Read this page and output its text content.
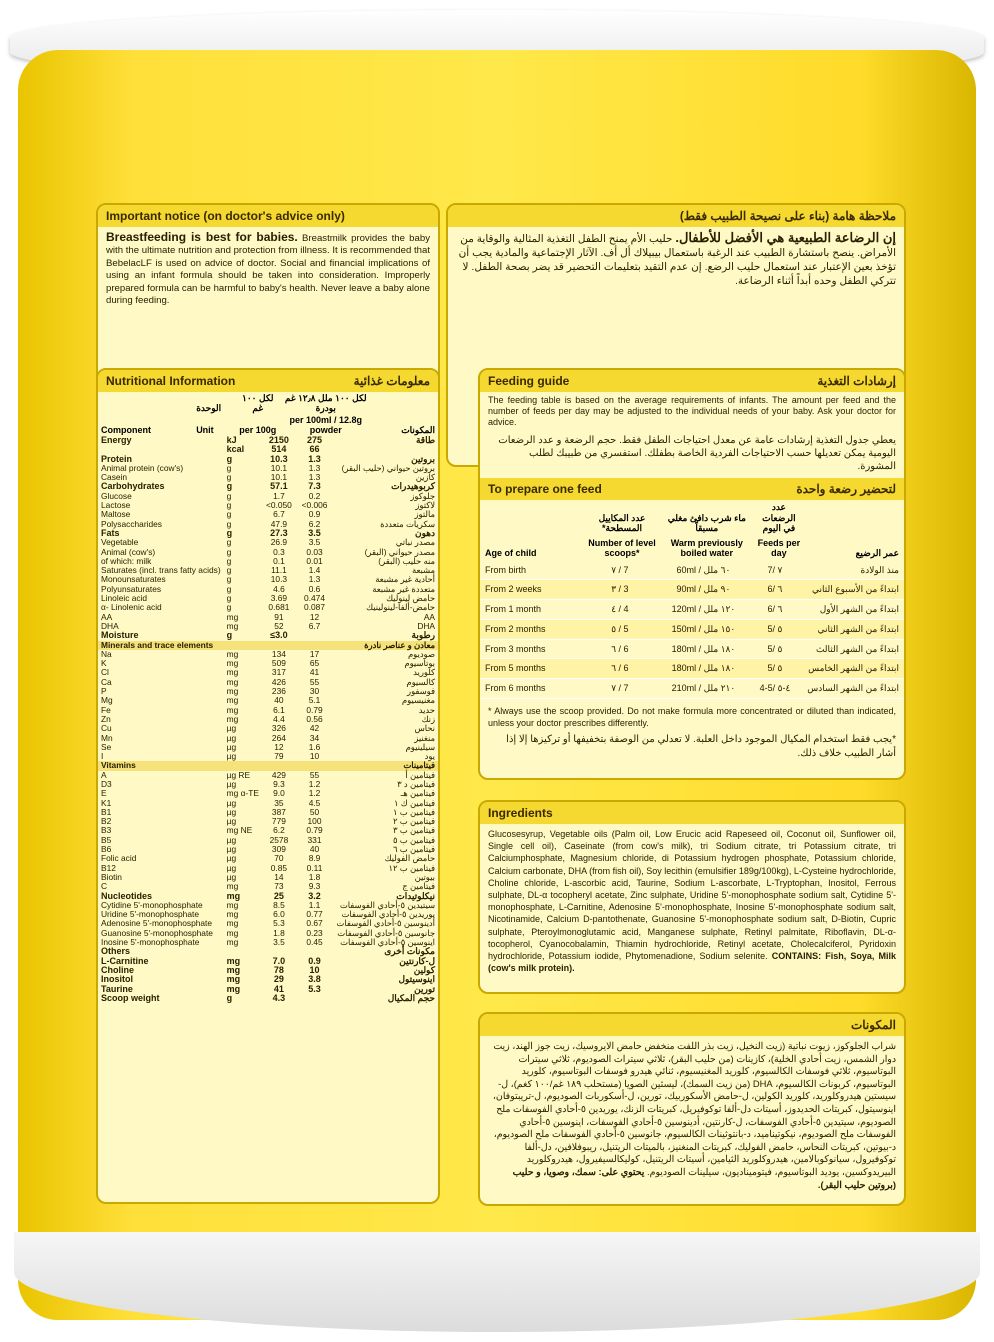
Important notice (on doctor's advice only)
Breastfeeding is best for babies. Breastmilk provides the baby with the ultimate nutrition and protection from illness. It is recommended that BebelacLF is used on advice of doctor. Social and financial implications of using an infant formula should be taken into consideration. Improperly prepared formula can be harmful to baby's health. Never leave a baby alone during feeding.
ملاحظة هامة (بناء على نصيحة الطبيب فقط)
إن الرضاعة الطبيعية هي الأفضل للأطفال. حليب الأم يمنح الطفل التغذية المثالية والوقاية من الأمراض. ينصح باستشارة الطبيب عند الرغبة باستعمال بيبيلاك أل أف. الآثار الإجتماعية والمادية يجب أن تؤخذ بعين الإعتبار عند استعمال حليب الرضع. إن عدم التقيد بتعليمات التحضير قد يضر بصحة الطفل. لا تتركي الطفل وحده أبداً أثناء الرضاعة.
Nutritional Information	معلومات غذائية
	الوحدة	لكل ١٠٠ غم	لكل ١٠٠ ملل ١٢٫٨ غم بودرة	
Component	Unit	per 100g	per 100ml / 12.8g powder	المكونات
Energy	kJ	2150	275	طاقة
	kcal	514	66	
Protein	g	10.3	1.3	بروتين
Animal protein (cow's)	g	10.1	1.3	بروتين حيواني (حليب البقر)
Casein	g	10.1	1.3	كازين
Carbohydrates	g	57.1	7.3	كربوهيدرات
Glucose	g	1.7	0.2	جلوكوز
Lactose	g	<0.050	<0.006	لاكتوز
Maltose	g	6.7	0.9	مالتوز
Polysaccharides	g	47.9	6.2	سكريات متعددة
Fats	g	27.3	3.5	دهون
Vegetable	g	26.9	3.5	مصدر نباتي
Animal (cow's)	g	0.3	0.03	مصدر حيواني (البقر)
of which: milk	g	0.1	0.01	منه حليب (البقر)
Saturates (incl. trans fatty acids)	g	11.1	1.4	مشبعة
Monounsaturates	g	10.3	1.3	أحادية غير مشبعة
Polyunsaturates	g	4.6	0.6	متعددة غير مشبعة
Linoleic acid	g	3.69	0.474	حامض لينوليك
α- Linolenic acid	g	0.681	0.087	حامض-ألفا-لينولينيك
AA	mg	91	12	AA
DHA	mg	52	6.7	DHA
Moisture	g	≤3.0		رطوبة
Minerals and trace elements				معادن و عناصر نادرة
Na	mg	134	17	صوديوم
K	mg	509	65	بوتاسيوم
Cl	mg	317	41	كلوريد
Ca	mg	426	55	كالسيوم
P	mg	236	30	فوسفور
Mg	mg	40	5.1	مغنيسيوم
Fe	mg	6.1	0.79	حديد
Zn	mg	4.4	0.56	زنك
Cu	µg	326	42	نحاس
Mn	µg	264	34	منغنيز
Se	µg	12	1.6	سيلينيوم
I	µg	79	10	يود
Vitamins				فيتامينات
A	µg RE	429	55	فيتامين أ
D3	µg	9.3	1.2	فيتامين د ٣
E	mg α-TE	9.0	1.2	فيتامين هـ
K1	µg	35	4.5	فيتامين ك ١
B1	µg	387	50	فيتامين ب ١
B2	µg	779	100	فيتامين ب ٢
B3	mg NE	6.2	0.79	فيتامين ب ٣
B5	µg	2578	331	فيتامين ب ٥
B6	µg	309	40	فيتامين ب ٦
Folic acid	µg	70	8.9	حامض الفوليك
B12	µg	0.85	0.11	فيتامين ب ١٢
Biotin	µg	14	1.8	بيوتين
C	mg	73	9.3	فيتامين ج
Nucleotides	mg	25	3.2	نيكلوتيدات
Cytidine 5'-monophosphate	mg	8.5	1.1	سيتيدين ٥-أحادي الفوسفات
Uridine 5'-monophosphate	mg	6.0	0.77	يوريدين ٥-أحادي الفوسفات
Adenosine 5'-monophosphate	mg	5.3	0.67	أدينوسين ٥-أحادي الفوسفات
Guanosine 5'-monophosphate	mg	1.8	0.23	جانوسين ٥-أحادي الفوسفات
Inosine 5'-monophosphate	mg	3.5	0.45	اينوسين ٥-أحادي الفوسفات
Others				مكونات أخرى
L-Carnitine	mg	7.0	0.9	ل-كارنتين
Choline	mg	78	10	كولين
Inositol	mg	29	3.8	اينوسيتول
Taurine	mg	41	5.3	تورين
Scoop weight	g	4.3		حجم المكيال
Feeding guide	إرشادات التغذية
The feeding table is based on the average requirements of infants. The amount per feed and the number of feeds per day may be adjusted to the individual needs of your baby. Ask your doctor for advice.
يعطي جدول التغذية إرشادات عامة عن معدل احتياجات الطفل فقط. حجم الرضعة و عدد الرضعات اليومية يمكن تعديلها حسب الاحتياجات الفردية الخاصة بطفلك. استفسري من طبيبك لطلب المشورة.
To prepare one feed	لتحضير رضعة واحدة
	عدد المكاييل المسطحة*	ماء شرب دافئ مغلي مسبقاً	عدد الرضعات في اليوم	
Age of child	Number of level scoops*	Warm previously boiled water	Feeds per day	عمر الرضيع
From birth	٧ / 7	60ml / ٦٠ ملل	7/ ٧	منذ الولادة
From 2 weeks	٣ / 3	90ml / ٩٠ ملل	6/ ٦	ابتداءً من الأسبوع الثاني
From 1 month	٤ / 4	120ml / ١٢٠ ملل	6/ ٦	ابتداءً من الشهر الأول
From 2 months	٥ / 5	150ml / ١٥٠ ملل	5/ ٥	ابتداءً من الشهر الثاني
From 3 months	٦ / 6	180ml / ١٨٠ ملل	5/ ٥	ابتداءً من الشهر الثالث
From 5 months	٦ / 6	180ml / ١٨٠ ملل	5/ ٥	ابتداءً من الشهر الخامس
From 6 months	٧ / 7	210ml / ٢١٠ ملل	4-5/ ٤-٥	ابتداءً من الشهر السادس
* Always use the scoop provided. Do not make formula more concentrated or diluted than indicated, unless your doctor prescribes differently.
*يجب فقط استخدام المكيال الموجود داخل العلبة. لا تعدلي من الوصفة بتخفيفها أو تركيزها إلا إذا أشار الطبيب خلاف ذلك.
Ingredients
Glucosesyrup, Vegetable oils (Palm oil, Low Erucic acid Rapeseed oil, Coconut oil, Sunflower oil, Single cell oil), Caseinate (from cow's milk), tri Sodium citrate, tri Potassium citrate, tri Calciumphosphate, Magnesium chloride, di Potassium hydrogen phosphate, Potassium chloride, Calcium carbonate, DHA (from fish oil), Soy lecithin (emulsifier 189g/100kg), L-Cysteine hydrochloride, Choline chloride, L-ascorbic acid, Taurine, Sodium L-ascorbate, L-Tryptophan, Inositol, Ferrous sulphate, DL-α tocopheryl acetate, Zinc sulphate, Uridine 5'-monophosphate sodium salt, Cytidine 5'-monophosphate, L-Carnitine, Adenosine 5'-monophosphate, Inosine 5'-monophosphate sodium salt, Nicotinamide, Calcium D-pantothenate, Guanosine 5'-monophosphate sodium salt, D-Biotin, Cupric sulphate, Pteroylmonoglutamic acid, Manganese sulphate, Retinyl palmitate, Riboflavin, DL-α-tocopherol, Cyanocobalamin, Thiamin hydrochloride, Retinyl acetate, Cholecalciferol, Pyridoxin hydrochloride, Potassium iodide, Phytomenadione, Sodium selenite. CONTAINS: Fish, Soya, Milk (cow's milk protein).
المكونات
شراب الجلوكوز، زيوت نباتية (زيت النخيل، زيت بذر اللفت منخفض حامض الايروسيك، زيت جوز الهند، زيت دوار الشمس، زيت أحادي الخلية)، كازينات (من حليب البقر)، ثلاثي سيترات الصوديوم، ثلاثي سيترات البوتاسيوم، ثلاثي فوسفات الكالسيوم، كلوريد المغنيسيوم، ثنائي هيدرو فوسفات البوتاسيوم، كلوريد البوتاسيوم، كربونات الكالسيوم، DHA (من زيت السمك)، ليسثين الصويا (مستحلب ١٨٩ غم/١٠٠ كغم)، ل-سيستين هيدروكلوريد، كلوريد الكولين، ل-حامض الأسكوربيك، تورين، ل-أسكوربات الصوديوم، ل-تريبتوفان، اينوسيتول، كبريتات الحديدوز، أسيتات دل-ألفا توكوفيريل، كبريتات الزنك، يوريدين ٥-أحادي الفوسفات ملح الصوديوم، سيتيدين ٥-أحادي الفوسفات، ل-كارنتين، أدينوسين ٥-أحادي الفوسفات، اينوسين ٥-أحادي الفوسفات ملح الصوديوم، نيكوتيناميد، د-بانتوثينات الكالسيوم، جانوسين ٥-أحادي الفوسفات ملح الصوديوم، د-بيوتين، كبريتات النحاس، حامض الفوليك، كبريتات المنغنيز، بالميتات الريتنيل، ريبوفلافين، دل-ألفا توكوفيرول، سيانوكوبالامين، هيدروكلوريد الثيامين، أسيتات الريتنيل، كوليكالسيفيرول، هيدروكلوريد البيريدوكسين، يوديد البوتاسيوم، فيتوميناديون، سيلينات الصوديوم. يحتوي على: سمك، وصويا، و حليب (بروتين حليب البقر).
